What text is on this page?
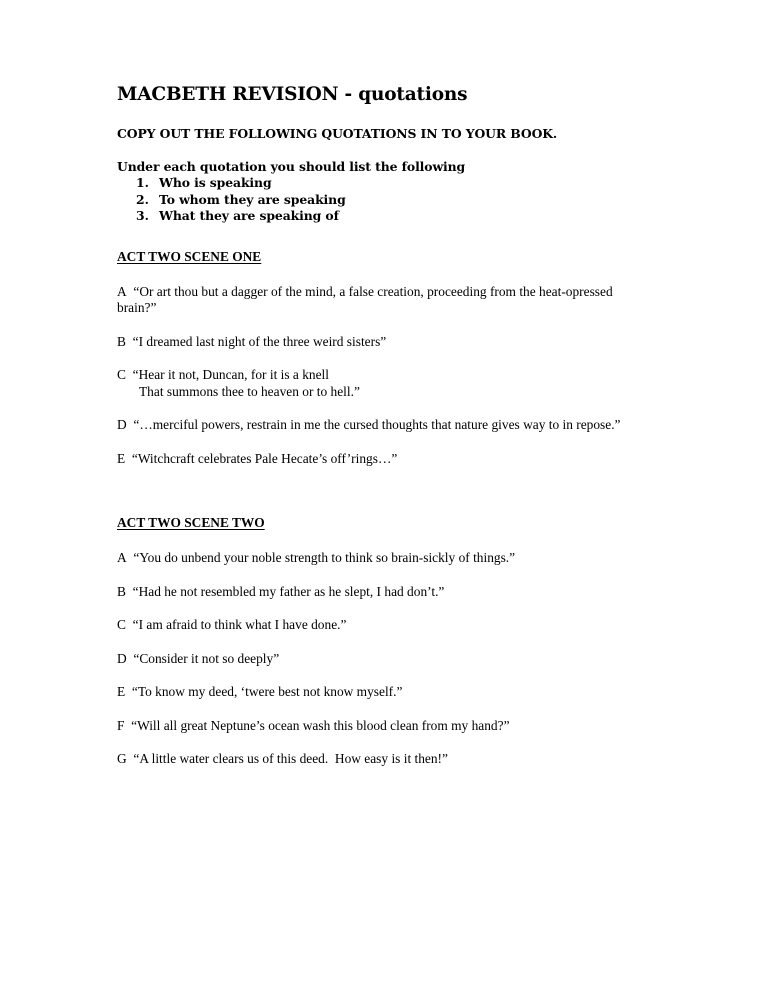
MACBETH REVISION - quotations

COPY OUT THE FOLLOWING QUOTATIONS IN TO YOUR BOOK.

Under each quotation you should list the following

1. Who is speaking
2. To whom they are speaking
3. What they are speaking of
ACT TWO SCENE ONE

A “Or art thou but a dagger of the mind, a false creation, proceeding from the heat-opressed brain?”

B “I dreamed last night of the three weird sisters”

C “Hear it not, Duncan, for it is a knell
That summons thee to heaven or to hell.”

D “…merciful powers, restrain in me the cursed thoughts that nature gives way to in repose.”

E “Witchcraft celebrates Pale Hecate’s off’rings…”

ACT TWO SCENE TWO

A “You do unbend your noble strength to think so brain-sickly of things.”

B “Had he not resembled my father as he slept, I had don’t.”

C “I am afraid to think what I have done.”

D “Consider it not so deeply”

E “To know my deed, ‘twere best not know myself.”

F “Will all great Neptune’s ocean wash this blood clean from my hand?”

G “A little water clears us of this deed.  How easy is it then!”
